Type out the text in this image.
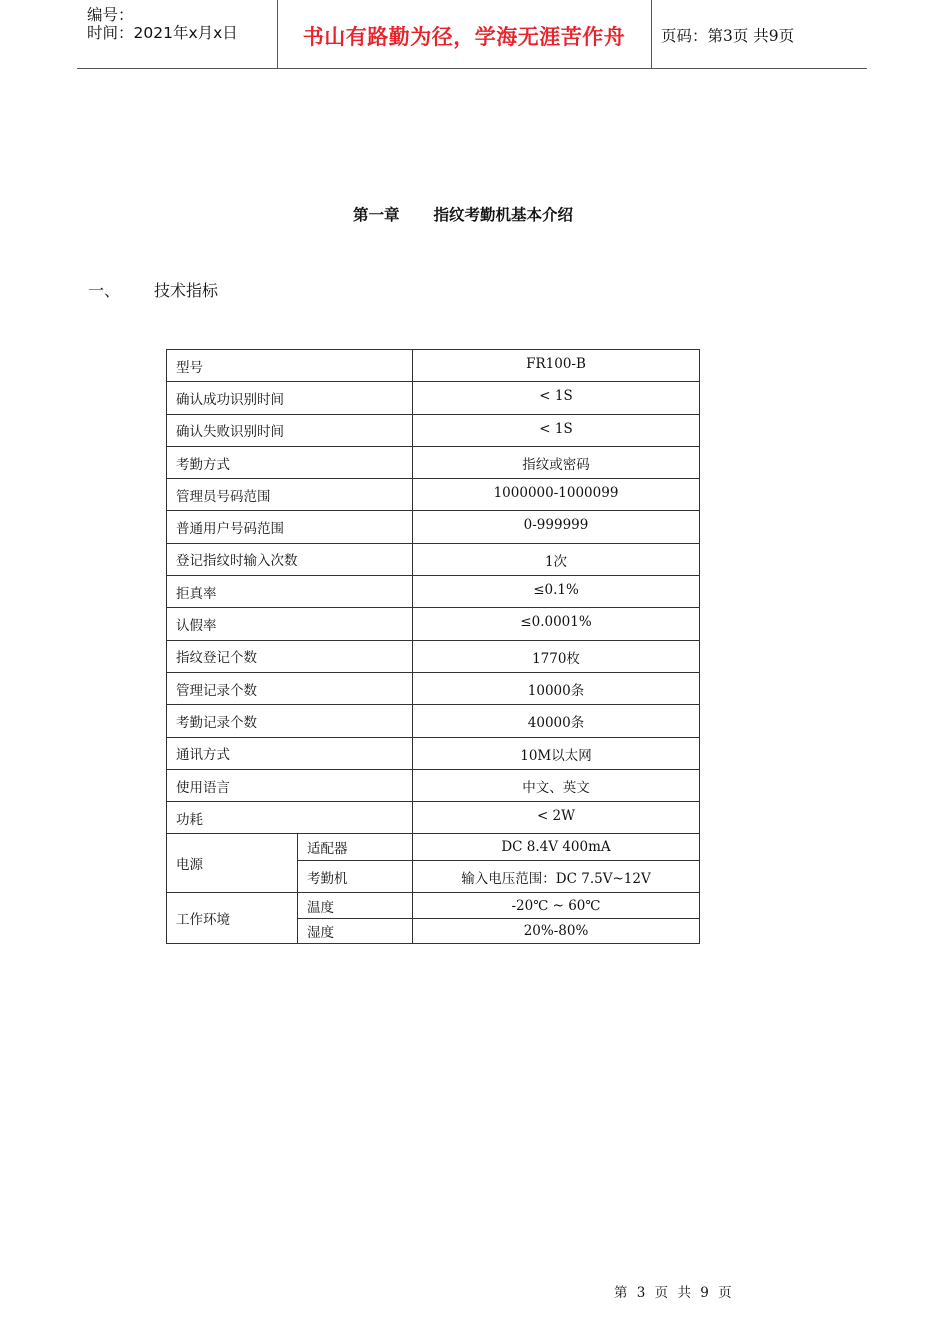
编号：
时间：2021年x月x日	书山有路勤为径，学海无涯苦作舟	页码：第3页 共9页
第一章 指纹考勤机基本介绍
一、 技术指标
型号		FR100-B
确认成功识别时间		< 1S
确认失败识别时间		< 1S
考勤方式		指纹或密码
管理员号码范围		1000000-1000099
普通用户号码范围		0-999999
登记指纹时输入次数		1次
拒真率		≤0.1%
认假率		≤0.0001%
指纹登记个数		1770枚
管理记录个数		10000条
考勤记录个数		40000条
通讯方式		10M以太网
使用语言		中文、英文
功耗		< 2W
电源	适配器	DC 8.4V 400mA
	考勤机	输入电压范围：DC 7.5V~12V
工作环境	温度	-20℃ ~ 60℃
	湿度	20%-80%
第 3 页 共 9 页
